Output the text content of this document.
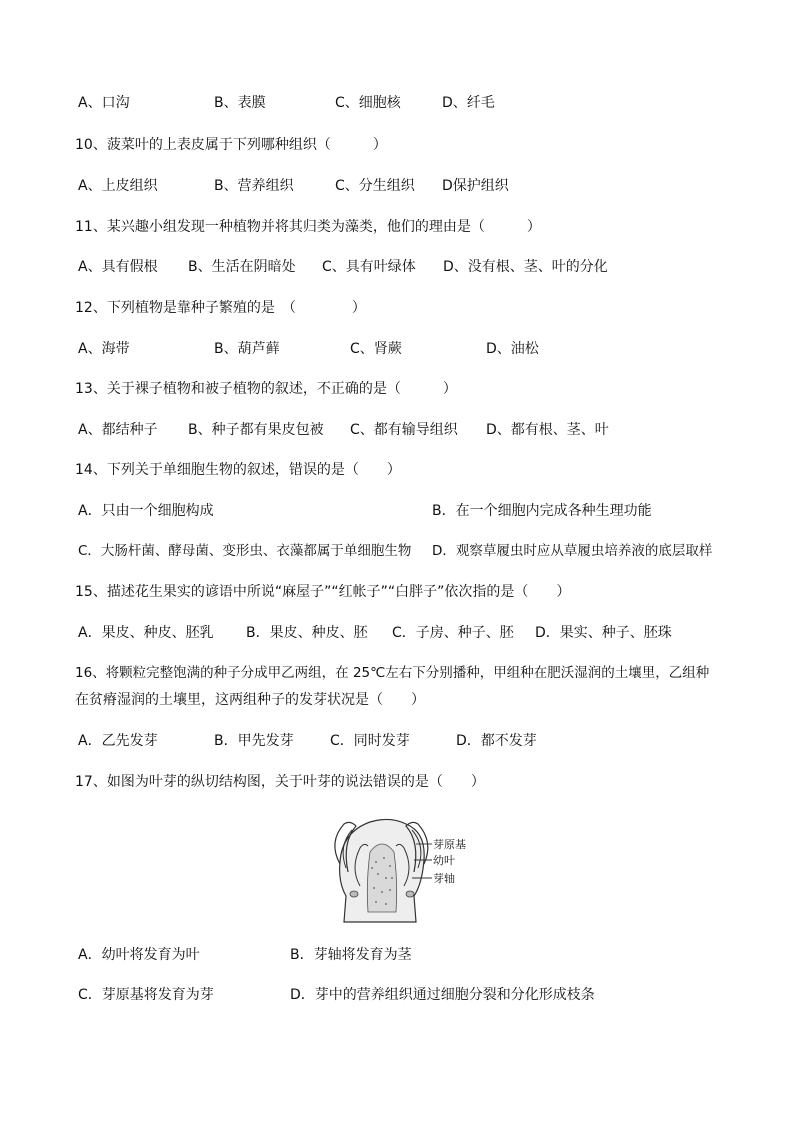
A、口沟	B、表膜	C、细胞核	D、纤毛
10、菠菜叶的上表皮属于下列哪种组织（　　　）
A、上皮组织	B、营养组织	C、分生组织 D保护组织
11、某兴趣小组发现一种植物并将其归类为藻类，他们的理由是（　　　）
A、具有假根 B、生活在阴暗处 C、具有叶绿体 D、没有根、茎、叶的分化
12、下列植物是靠种子繁殖的是　（　　　　）
A、海带	B、葫芦藓	C、肾蕨	D、油松
13、关于裸子植物和被子植物的叙述，不正确的是（　　　）
A、都结种子 B、种子都有果皮包被 C、都有输导组织 D、都有根、茎、叶
14、下列关于单细胞生物的叙述，错误的是（　　）
A．只由一个细胞构成	B．在一个细胞内完成各种生理功能
C．大肠杆菌、酵母菌、变形虫、衣藻都属于单细胞生物 D．观察草履虫时应从草履虫培养液的底层取样
15、描述花生果实的谚语中所说“麻屋子”“红帐子”“白胖子”依次指的是（　　）
A．果皮、种皮、胚乳 B．果皮、种皮、胚 C．子房、种子、胚 D．果实、种子、胚珠
16、将颗粒完整饱满的种子分成甲乙两组，在 25℃左右下分别播种，甲组种在肥沃湿润的土壤里，乙组种
在贫瘠湿润的土壤里，这两组种子的发芽状况是（　　）
A．乙先发芽	B．甲先发芽	C．同时发芽	D．都不发芽
17、如图为叶芽的纵切结构图，关于叶芽的说法错误的是（　　）
芽原基
幼叶
芽轴
A．幼叶将发育为叶	B．芽轴将发育为茎
C．芽原基将发育为芽	D．芽中的营养组织通过细胞分裂和分化形成枝条
